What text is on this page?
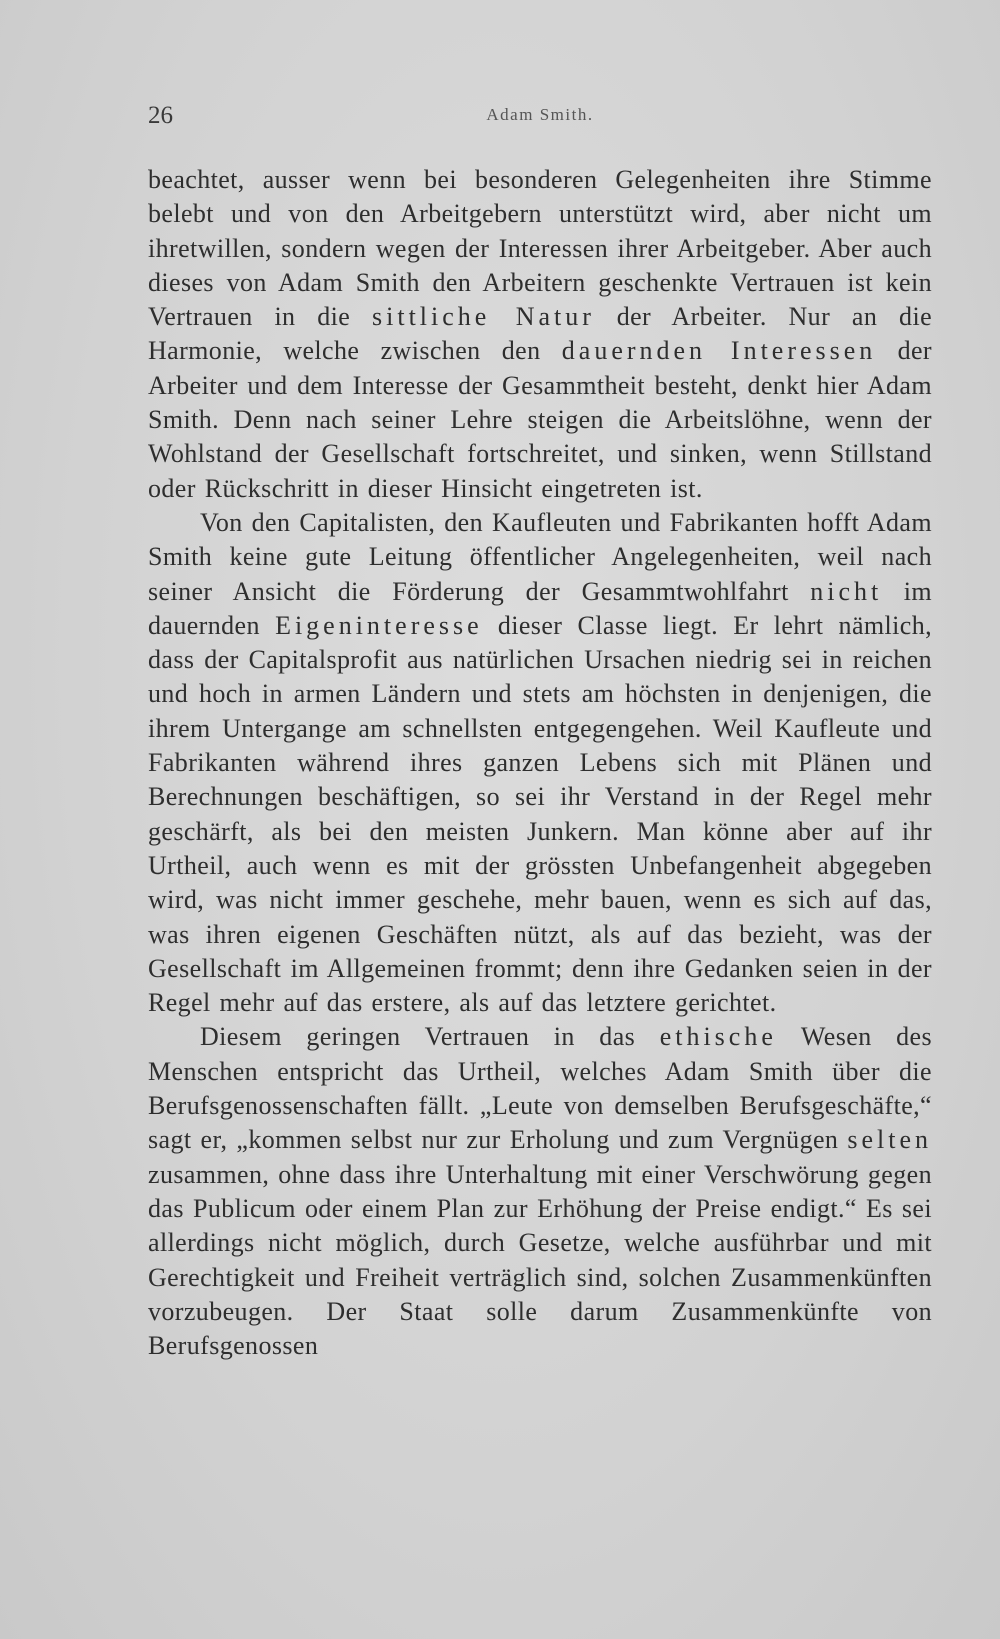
26	Adam Smith.

beachtet, ausser wenn bei besonderen Gelegenheiten ihre Stimme belebt und von den Arbeitgebern unterstützt wird, aber nicht um ihretwillen, sondern wegen der Interessen ihrer Arbeitgeber. Aber auch dieses von Adam Smith den Arbeitern geschenkte Vertrauen ist kein Vertrauen in die sittliche Natur der Arbeiter. Nur an die Harmonie, welche zwischen den dauernden Interessen der Arbeiter und dem Interesse der Gesammtheit besteht, denkt hier Adam Smith. Denn nach seiner Lehre steigen die Arbeitslöhne, wenn der Wohlstand der Gesellschaft fortschreitet, und sinken, wenn Stillstand oder Rückschritt in dieser Hinsicht eingetreten ist.

Von den Capitalisten, den Kaufleuten und Fabrikanten hofft Adam Smith keine gute Leitung öffentlicher Angelegenheiten, weil nach seiner Ansicht die Förderung der Gesammtwohlfahrt nicht im dauernden Eigeninteresse dieser Classe liegt. Er lehrt nämlich, dass der Capitalsprofit aus natürlichen Ursachen niedrig sei in reichen und hoch in armen Ländern und stets am höchsten in denjenigen, die ihrem Untergange am schnellsten entgegengehen. Weil Kaufleute und Fabrikanten während ihres ganzen Lebens sich mit Plänen und Berechnungen beschäftigen, so sei ihr Verstand in der Regel mehr geschärft, als bei den meisten Junkern. Man könne aber auf ihr Urtheil, auch wenn es mit der grössten Unbefangenheit abgegeben wird, was nicht immer geschehe, mehr bauen, wenn es sich auf das, was ihren eigenen Geschäften nützt, als auf das bezieht, was der Gesellschaft im Allgemeinen frommt; denn ihre Gedanken seien in der Regel mehr auf das erstere, als auf das letztere gerichtet.

Diesem geringen Vertrauen in das ethische Wesen des Menschen entspricht das Urtheil, welches Adam Smith über die Berufsgenossenschaften fällt. „Leute von demselben Berufsgeschäfte,“ sagt er, „kommen selbst nur zur Erholung und zum Vergnügen selten zusammen, ohne dass ihre Unterhaltung mit einer Verschwörung gegen das Publicum oder einem Plan zur Erhöhung der Preise endigt.“ Es sei allerdings nicht möglich, durch Gesetze, welche ausführbar und mit Gerechtigkeit und Freiheit verträglich sind, solchen Zusammenkünften vorzubeugen. Der Staat solle darum Zusammenkünfte von Berufsgenossen
